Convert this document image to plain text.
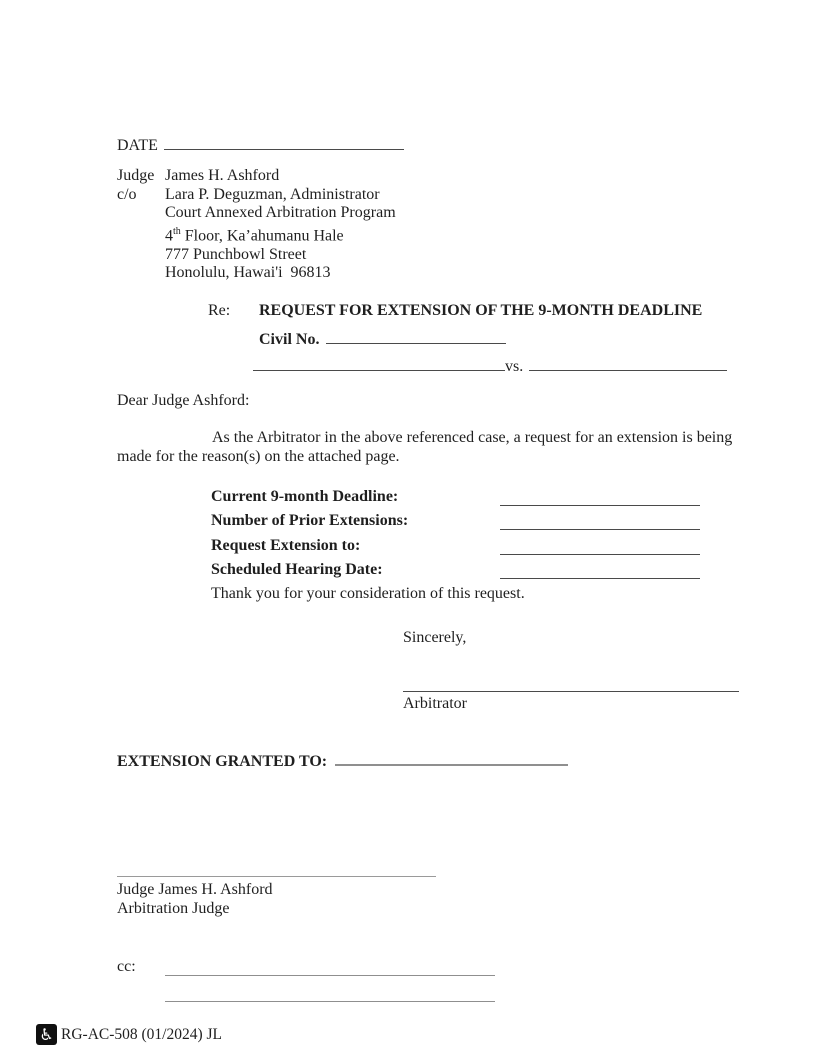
DATE
Judge James H. Ashford
c/o	Lara P. Deguzman, Administrator
Court Annexed Arbitration Program
4th Floor, Ka’ahumanu Hale
777 Punchbowl Street
Honolulu, Hawai'i  96813
Re:	REQUEST FOR EXTENSION OF THE 9-MONTH DEADLINE
Civil No.
vs.
Dear Judge Ashford:
As the Arbitrator in the above referenced case, a request for an extension is being made for the reason(s) on the attached page.
Current 9-month Deadline:
Number of Prior Extensions:
Request Extension to:
Scheduled Hearing Date:
Thank you for your consideration of this request.
Sincerely,
Arbitrator
EXTENSION GRANTED TO:
Judge James H. Ashford
Arbitration Judge
cc:
♿ RG-AC-508 (01/2024) JL
